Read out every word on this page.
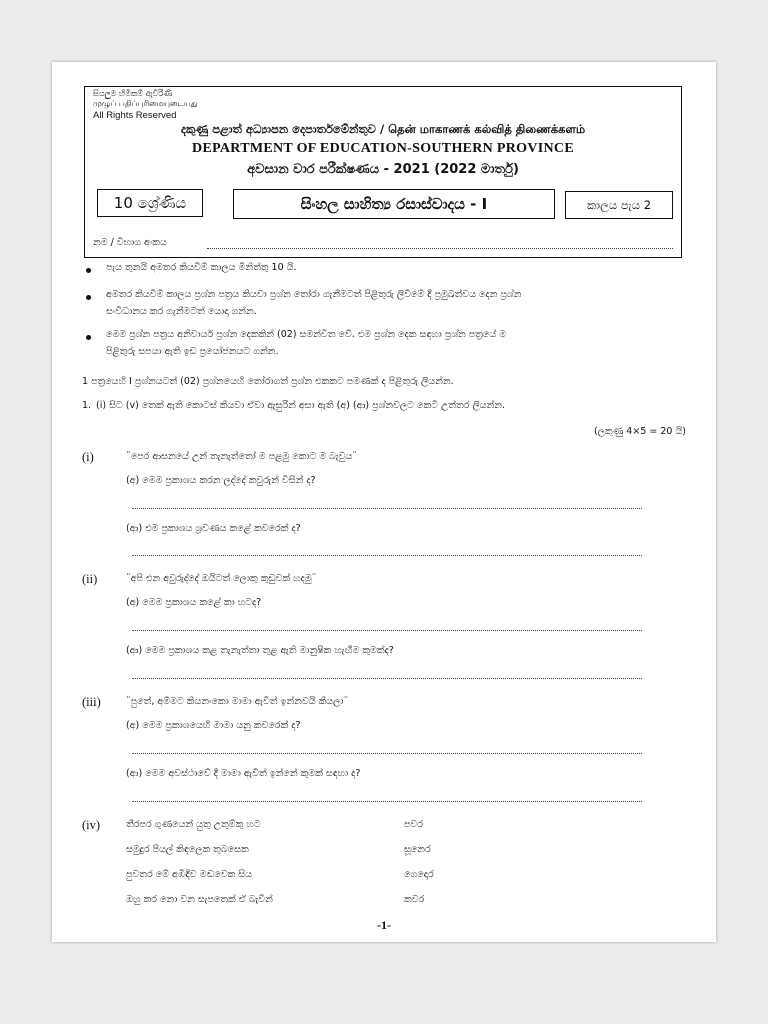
සියලුම හිමිකම් ඇවිරිණි
முழுப் பதிப்புரிமையுடையது
All Rights Reserved
දකුණු පළාත් අධ්‍යාපන දෙපාර්තමේන්තුව / தென் மாகாணக் கல்வித் திணைக்களம்
DEPARTMENT OF EDUCATION-SOUTHERN PROVINCE
අවසාන වාර පරීක්ෂණය - 2021 (2022 මාර්තු)
10 ශ්‍රේණිය	සිංහල සාහිත්‍ය රසාස්වාදය - I	කාලය පැය 2
නම / විභාග අංකය
පැය තුනයි අමතර කියවීම් කාලය මිනිත්තු 10 යි.
අමතර කියවීම් කාලය ප්‍රශ්න පත්‍රය කියවා ප්‍රශ්න තෝරා ගැනීමටත් පිළිතුරු ලිවීමේ දී ප්‍රමුඛත්වය දෙන ප්‍රශ්න
සංවිධානය කර ගැනීමටත් යොදා ගන්න.
මෙම ප්‍රශ්න පත්‍රය අනිවාර්ය ප්‍රශ්න දෙකකින් (02) සමන්විත වේ. එම ප්‍රශ්න දෙක සඳහා ප්‍රශ්න පත්‍රයේ ම
පිළිතුරු සපයා ඇති ඉඩ ප්‍රයෝජනයට ගන්න.
1 පත්‍රයෙහි I ප්‍රශ්නයටත් (02) ප්‍රශ්නයෙහි තෝරාගත් ප්‍රශ්න එකකට පමණක් ද පිළිතුරු ලියන්න.
1. (i) සිට (v) තෙක් ඇති කොටස් කියවා ඒවා ඇසුරින් අසා ඇති (අ) (ආ) ප්‍රශ්නවලට කෙටි උත්තර ලියන්න.
(ලකුණු 4×5 = 20 යි)
(i)	¨පෙර ආසනයේ උන් තැනැත්තෝ ම පළමු කොට ම බැවුය¨
(අ) මෙම ප්‍රකාශය කරන ලද්දේ කවුරුන් විසින් ද?
(ආ) එම ප්‍රකාශය ශ්‍රවණය කළේ කවරෙක් ද?
(ii)	¨අපි එන අවුරුද්දේ ඔයිටත් ලොකු කුඩුවක් හදමු¨
(අ) මෙම ප්‍රකාශය කළේ කා හටද?
(ආ) මෙම ප්‍රකාශය කළ තැනැත්තා තුළ ඇති මානුෂික හැඟීම කුමක්ද?
(iii)	¨පුතේ, අම්මට කියනංකො මාමා ඇවිත් ඉන්නවයි කියලා¨
(අ) මෙම ප්‍රකාශයෙහි මාමා යනු කවරෙක් ද?
(ආ) මෙම අවස්ථාවේ දී මාමා ඇවිත් ඉන්නේ කුමක් සඳහා ද?
(iv)	තීරපර ගුණයෙන් යුතු උතුම්කු හට	පවර
සමුදුර පියල් කිඳලෙක තුබසෙක	සූනෙර
පුවතර මේ අඹිඳිව මඬවෙක සිය	ගෙදොර
ඔහු කර නො වන සැපතෙක් ඒ බැවින්	කවර
-1-
